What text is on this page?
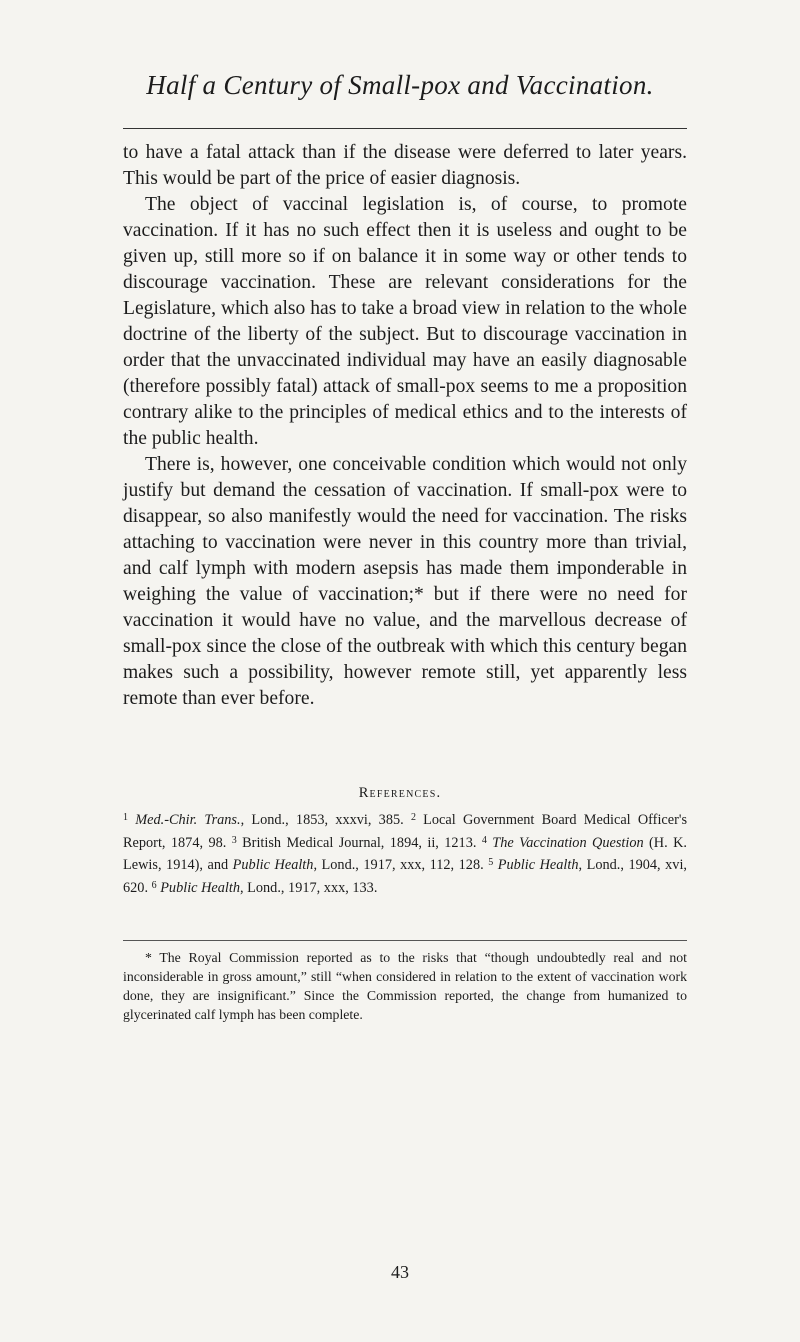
Half a Century of Small-pox and Vaccination.

to have a fatal attack than if the disease were deferred to later years. This would be part of the price of easier diagnosis.

The object of vaccinal legislation is, of course, to promote vaccination. If it has no such effect then it is useless and ought to be given up, still more so if on balance it in some way or other tends to discourage vaccination. These are relevant considerations for the Legislature, which also has to take a broad view in relation to the whole doctrine of the liberty of the subject. But to discourage vaccination in order that the unvaccinated individual may have an easily diagnosable (therefore possibly fatal) attack of small-pox seems to me a proposition contrary alike to the principles of medical ethics and to the interests of the public health.

There is, however, one conceivable condition which would not only justify but demand the cessation of vaccination. If small-pox were to disappear, so also manifestly would the need for vaccination. The risks attaching to vaccination were never in this country more than trivial, and calf lymph with modern asepsis has made them imponderable in weighing the value of vaccination;* but if there were no need for vaccination it would have no value, and the marvellous decrease of small-pox since the close of the outbreak with which this century began makes such a possibility, however remote still, yet apparently less remote than ever before.

References.
$^1$ Med.-Chir. Trans., Lond., 1853, xxxvi, 385. $^2$ Local Government Board Medical Officer's Report, 1874, 98. $^3$ British Medical Journal, 1894, ii, 1213. $^4$ The Vaccination Question (H. K. Lewis, 1914), and Public Health, Lond., 1917, xxx, 112, 128. $^5$ Public Health, Lond., 1904, xvi, 620. $^6$ Public Health, Lond., 1917, xxx, 133.
* The Royal Commission reported as to the risks that “though undoubtedly real and not inconsiderable in gross amount,” still “when considered in relation to the extent of vaccination work done, they are insignificant.” Since the Commission reported, the change from humanized to glycerinated calf lymph has been complete.
43
